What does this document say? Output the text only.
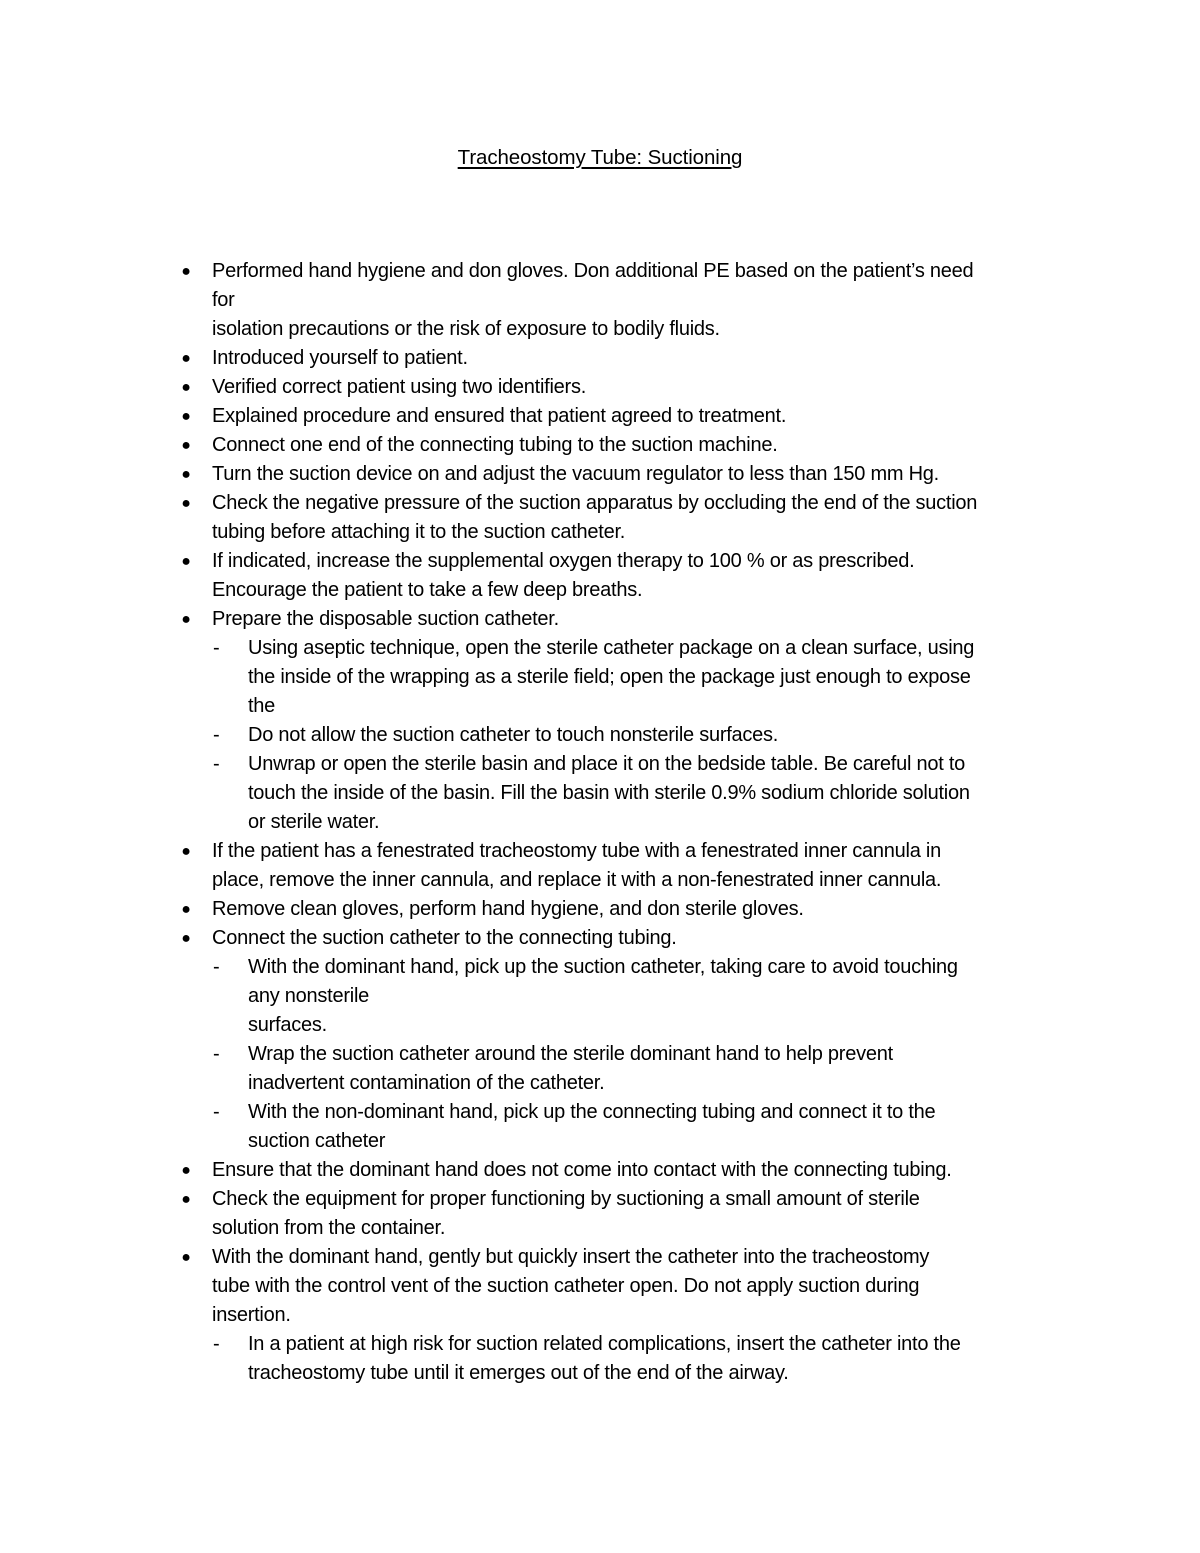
Tracheostomy Tube: Suctioning
● Performed hand hygiene and don gloves. Don additional PE based on the patient’s need
for
isolation precautions or the risk of exposure to bodily fluids.
● Introduced yourself to patient.
● Verified correct patient using two identifiers.
● Explained procedure and ensured that patient agreed to treatment.
● Connect one end of the connecting tubing to the suction machine.
● Turn the suction device on and adjust the vacuum regulator to less than 150 mm Hg.
● Check the negative pressure of the suction apparatus by occluding the end of the suction
tubing before attaching it to the suction catheter.
● If indicated, increase the supplemental oxygen therapy to 100 % or as prescribed.
Encourage the patient to take a few deep breaths.
● Prepare the disposable suction catheter.
-	Using aseptic technique, open the sterile catheter package on a clean surface, using
the inside of the wrapping as a sterile field; open the package just enough to expose
the
-	Do not allow the suction catheter to touch nonsterile surfaces.
-	Unwrap or open the sterile basin and place it on the bedside table. Be careful not to
touch the inside of the basin. Fill the basin with sterile 0.9% sodium chloride solution
or sterile water.
● If the patient has a fenestrated tracheostomy tube with a fenestrated inner cannula in
place, remove the inner cannula, and replace it with a non-fenestrated inner cannula.
● Remove clean gloves, perform hand hygiene, and don sterile gloves.
● Connect the suction catheter to the connecting tubing.
-	With the dominant hand, pick up the suction catheter, taking care to avoid touching
any nonsterile
surfaces.
-	Wrap the suction catheter around the sterile dominant hand to help prevent
inadvertent contamination of the catheter.
-	With the non-dominant hand, pick up the connecting tubing and connect it to the
suction catheter
● Ensure that the dominant hand does not come into contact with the connecting tubing.
● Check the equipment for proper functioning by suctioning a small amount of sterile
solution from the container.
● With the dominant hand, gently but quickly insert the catheter into the tracheostomy
tube with the control vent of the suction catheter open. Do not apply suction during
insertion.
-	In a patient at high risk for suction related complications, insert the catheter into the
tracheostomy tube until it emerges out of the end of the airway.
